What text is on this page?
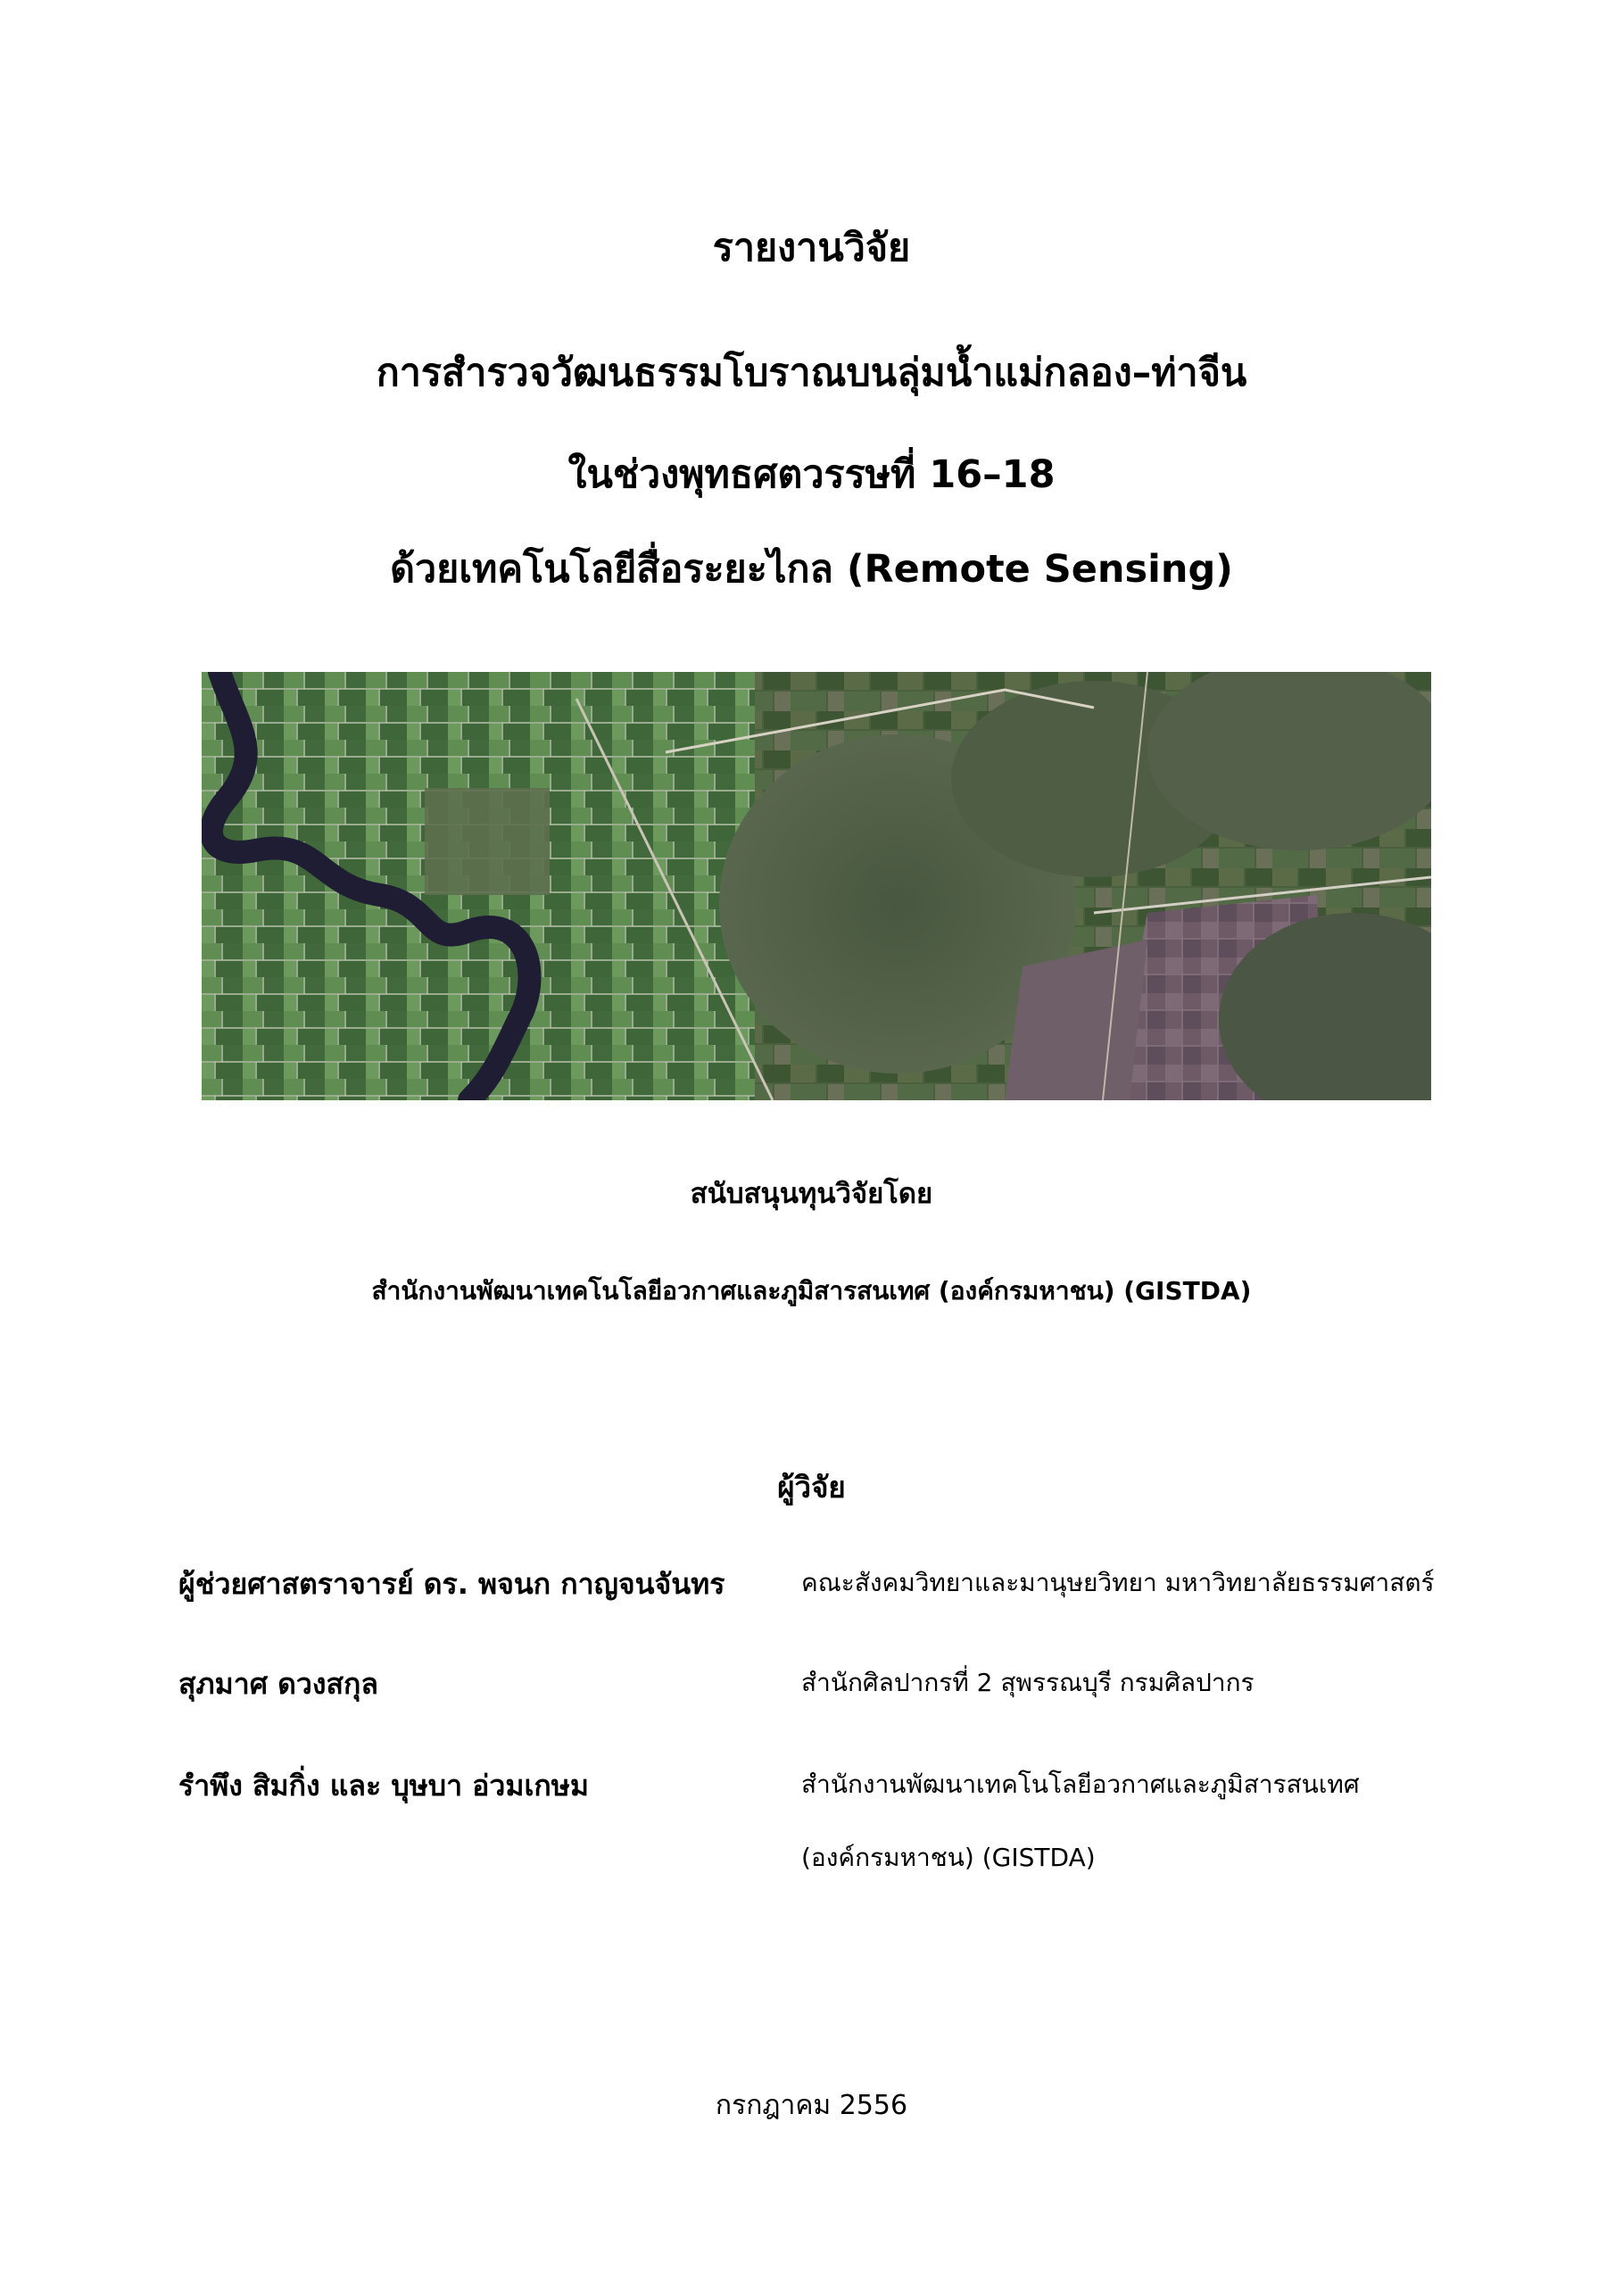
รายงานวิจัย

การสำรวจวัฒนธรรมโบราณบนลุ่มน้ำแม่กลอง–ท่าจีน

ในช่วงพุทธศตวรรษที่ 16–18

ด้วยเทคโนโลยีสื่อระยะไกล (Remote Sensing)

สนับสนุนทุนวิจัยโดย
สำนักงานพัฒนาเทคโนโลยีอวกาศและภูมิสารสนเทศ (องค์กรมหาชน) (GISTDA)
ผู้วิจัย
ผู้ช่วยศาสตราจารย์ ดร. พจนก กาญจนจันทร	คณะสังคมวิทยาและมานุษยวิทยา มหาวิทยาลัยธรรมศาสตร์
สุภมาศ ดวงสกุล	สำนักศิลปากรที่ 2 สุพรรณบุรี กรมศิลปากร
รำพึง สิมกิ่ง และ บุษบา อ่วมเกษม	สำนักงานพัฒนาเทคโนโลยีอวกาศและภูมิสารสนเทศ
(องค์กรมหาชน) (GISTDA)
กรกฎาคม 2556
